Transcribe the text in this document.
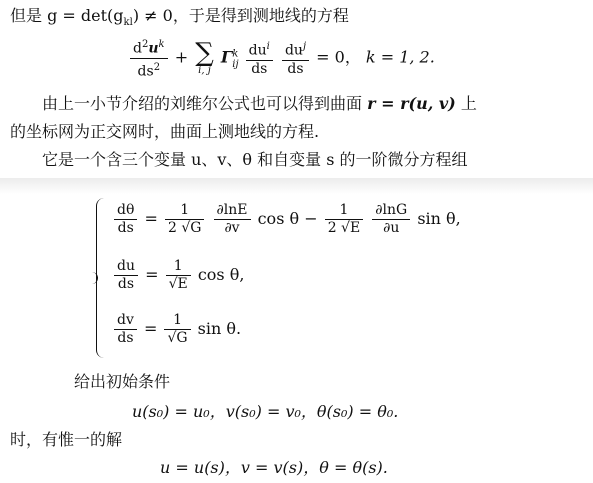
但是 $g = \det(g_{kl}) \ne 0$，于是得到测地线的方程
$\frac{d^2u^k}{ds^2}$ + ∑
i, j
$\Gamma^k_{ij} \frac{du^i}{ds}$
$\frac{du^j}{ds} = 0$， k = 1, 2.
由上一小节介绍的刘维尔公式也可以得到曲面 r = r(u, v) 上
的坐标网为正交网时，曲面上测地线的方程.
它是一个含三个变量 u、v、θ 和自变量 s 的一阶微分方程组
$\frac{d\theta}{ds} = \frac{1}{2 √G}$
$\frac{\partial\ln E}{\partial v}$ $\cos \theta - \frac{1}{2 √E}$
$\frac{\partial\ln G}{\partial u}$ sin θ,
$\frac{du}{ds} = \frac{1}{√E}$ cos θ,
$\frac{dv}{ds} = \frac{1}{√G}$ sin θ.
给出初始条件
u(s₀) = u₀，v(s₀) = v₀，θ(s₀) = θ₀.
时，有惟一的解
u = u(s)，v = v(s)，θ = θ(s).
